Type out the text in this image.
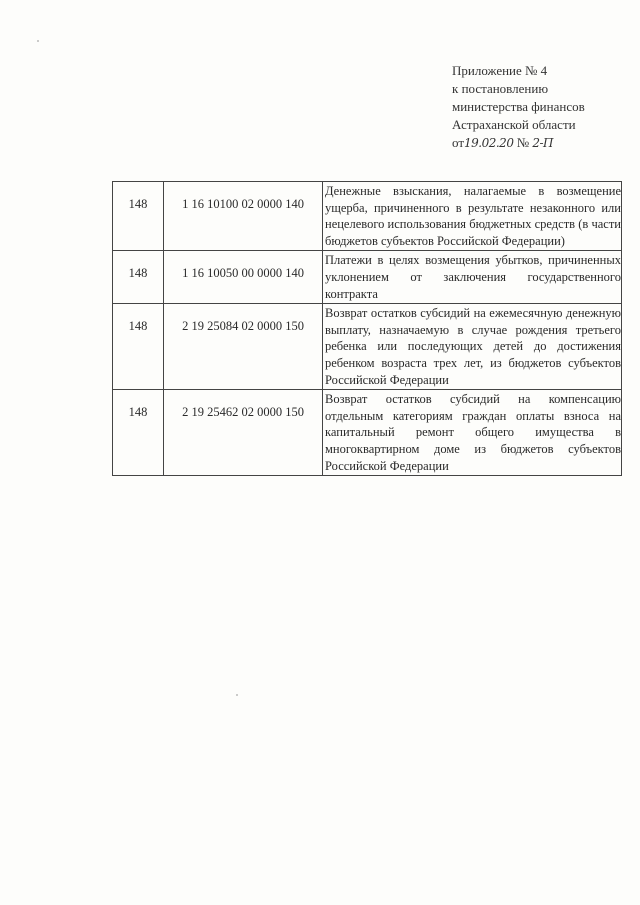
Приложение № 4
к постановлению
министерства финансов
Астраханской области
от19.02.20 № 2-П
148	1 16 10100 02 0000 140	Денежные взыскания, налагаемые в возмещение ущерба, причиненного в результате незаконного или нецелевого использования бюджетных средств (в части бюджетов субъектов Российской Федерации)
148	1 16 10050 00 0000 140	Платежи в целях возмещения убытков, причиненных уклонением от заключения государственного контракта
148	2 19 25084 02 0000 150	Возврат остатков субсидий на ежемесячную денежную выплату, назначаемую в случае рождения третьего ребенка или последующих детей до достижения ребенком возраста трех лет, из бюджетов субъектов Российской Федерации
148	2 19 25462 02 0000 150	Возврат остатков субсидий на компенсацию отдельным категориям граждан оплаты взноса на капитальный ремонт общего имущества в многоквартирном доме из бюджетов субъектов Российской Федерации
